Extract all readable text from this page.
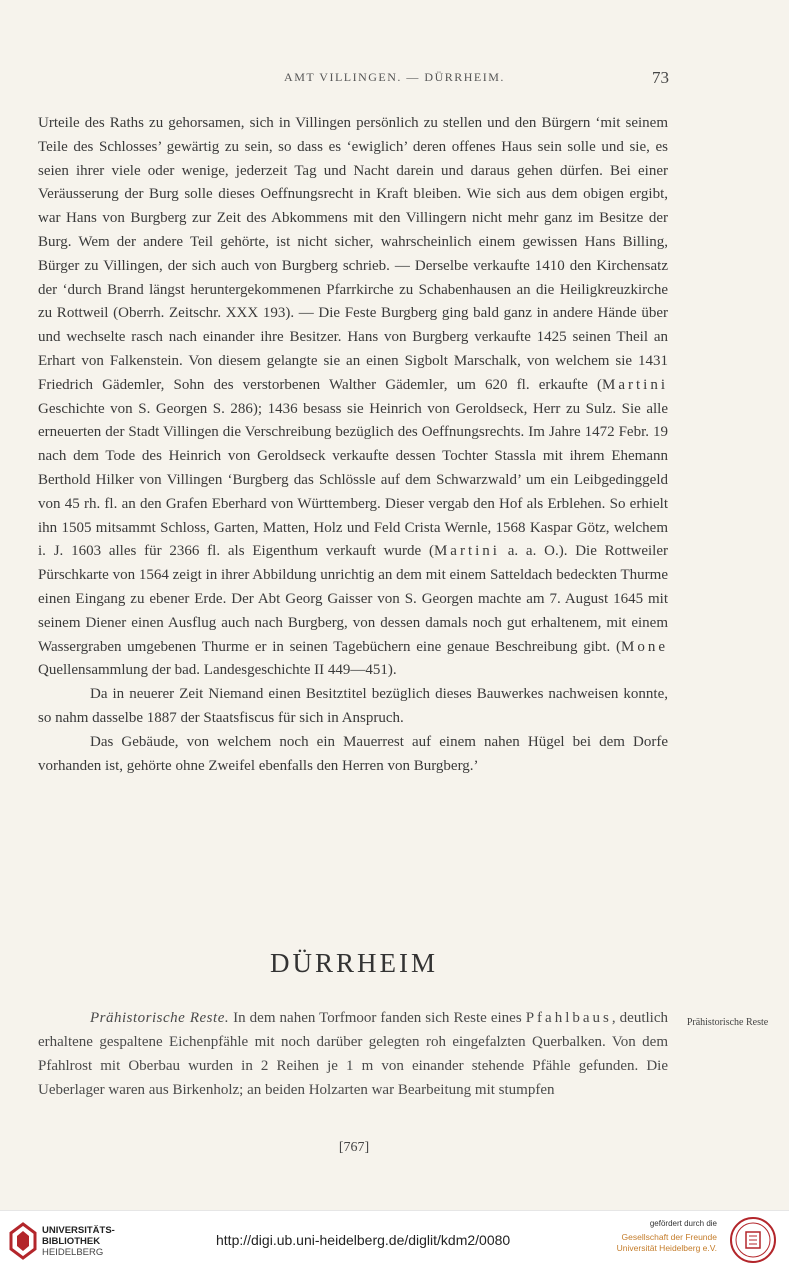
AMT VILLINGEN. — DÜRRHEIM.	73

Urteile des Raths zu gehorsamen, sich in Villingen persönlich zu stellen und den Bürgern ‘mit seinem Teile des Schlosses’ gewärtig zu sein, so dass es ‘ewiglich’ deren offenes Haus sein solle und sie, es seien ihrer viele oder wenige, jederzeit Tag und Nacht darein und daraus gehen dürfen. Bei einer Veräusserung der Burg solle dieses Oeffnungsrecht in Kraft bleiben. Wie sich aus dem obigen ergibt, war Hans von Burgberg zur Zeit des Abkommens mit den Villingern nicht mehr ganz im Besitze der Burg. Wem der andere Teil gehörte, ist nicht sicher, wahrscheinlich einem gewissen Hans Billing, Bürger zu Villingen, der sich auch von Burgberg schrieb. — Derselbe verkaufte 1410 den Kirchensatz der ‘durch Brand längst heruntergekommenen Pfarrkirche zu Schabenhausen an die Heiligkreuzkirche zu Rottweil (Oberrh. Zeitschr. XXX 193). — Die Feste Burgberg ging bald ganz in andere Hände über und wechselte rasch nach einander ihre Besitzer. Hans von Burgberg verkaufte 1425 seinen Theil an Erhart von Falkenstein. Von diesem gelangte sie an einen Sigbolt Marschalk, von welchem sie 1431 Friedrich Gädemler, Sohn des verstorbenen Walther Gädemler, um 620 fl. erkaufte (Martini Geschichte von S. Georgen S. 286); 1436 besass sie Heinrich von Geroldseck, Herr zu Sulz. Sie alle erneuerten der Stadt Villingen die Verschreibung bezüglich des Oeffnungsrechts. Im Jahre 1472 Febr. 19 nach dem Tode des Heinrich von Geroldseck verkaufte dessen Tochter Stassla mit ihrem Ehemann Berthold Hilker von Villingen ‘Burgberg das Schlössle auf dem Schwarzwald’ um ein Leibgedinggeld von 45 rh. fl. an den Grafen Eberhard von Württemberg. Dieser vergab den Hof als Erblehen. So erhielt ihn 1505 mitsammt Schloss, Garten, Matten, Holz und Feld Crista Wernle, 1568 Kaspar Götz, welchem i. J. 1603 alles für 2366 fl. als Eigenthum verkauft wurde (Martini a. a. O.). Die Rottweiler Pürschkarte von 1564 zeigt in ihrer Abbildung unrichtig an dem mit einem Satteldach bedeckten Thurme einen Eingang zu ebener Erde. Der Abt Georg Gaisser von S. Georgen machte am 7. August 1645 mit seinem Diener einen Ausflug auch nach Burgberg, von dessen damals noch gut erhaltenem, mit einem Wassergraben umgebenen Thurme er in seinen Tagebüchern eine genaue Beschreibung gibt. (Mone Quellensammlung der bad. Landesgeschichte II 449—451).

Da in neuerer Zeit Niemand einen Besitztitel bezüglich dieses Bauwerkes nachweisen konnte, so nahm dasselbe 1887 der Staatsfiscus für sich in Anspruch.

Das Gebäude, von welchem noch ein Mauerrest auf einem nahen Hügel bei dem Dorfe vorhanden ist, gehörte ohne Zweifel ebenfalls den Herren von Burgberg.’

DÜRRHEIM

Prähistorische Reste. In dem nahen Torfmoor fanden sich Reste eines Pfahlbaus, deutlich erhaltene gespaltene Eichenpfähle mit noch darüber gelegten roh eingefalzten Querbalken. Von dem Pfahlrost mit Oberbau wurden in 2 Reihen je 1 m von einander stehende Pfähle gefunden. Die Ueberlager waren aus Birkenholz; an beiden Holzarten war Bearbeitung mit stumpfen

Prähistorische Reste
[767]
UNIVERSITÄTS-
BIBLIOTHEK
HEIDELBERG
http://digi.ub.uni-heidelberg.de/diglit/kdm2/0080
gefördert durch die
Gesellschaft der Freunde
Universität Heidelberg e.V.
